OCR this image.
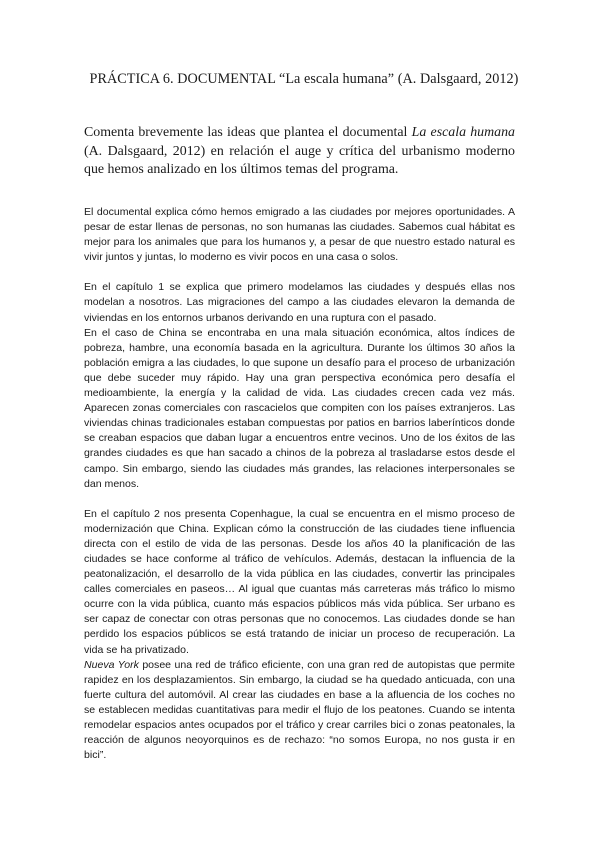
PRÁCTICA 6. DOCUMENTAL “La escala humana” (A. Dalsgaard, 2012)
Comenta brevemente las ideas que plantea el documental La escala humana (A. Dalsgaard, 2012) en relación el auge y crítica del urbanismo moderno que hemos analizado en los últimos temas del programa.

El documental explica cómo hemos emigrado a las ciudades por mejores oportunidades. A pesar de estar llenas de personas, no son humanas las ciudades. Sabemos cual hábitat es mejor para los animales que para los humanos y, a pesar de que nuestro estado natural es vivir juntos y juntas, lo moderno es vivir pocos en una casa o solos.

En el capítulo 1 se explica que primero modelamos las ciudades y después ellas nos modelan a nosotros. Las migraciones del campo a las ciudades elevaron la demanda de viviendas en los entornos urbanos derivando en una ruptura con el pasado.

En el caso de China se encontraba en una mala situación económica, altos índices de pobreza, hambre, una economía basada en la agricultura. Durante los últimos 30 años la población emigra a las ciudades, lo que supone un desafío para el proceso de urbanización que debe suceder muy rápido. Hay una gran perspectiva económica pero desafía el medioambiente, la energía y la calidad de vida. Las ciudades crecen cada vez más. Aparecen zonas comerciales con rascacielos que compiten con los países extranjeros. Las viviendas chinas tradicionales estaban compuestas por patios en barrios laberínticos donde se creaban espacios que daban lugar a encuentros entre vecinos. Uno de los éxitos de las grandes ciudades es que han sacado a chinos de la pobreza al trasladarse estos desde el campo. Sin embargo, siendo las ciudades más grandes, las relaciones interpersonales se dan menos.

En el capítulo 2 nos presenta Copenhague, la cual se encuentra en el mismo proceso de modernización que China. Explican cómo la construcción de las ciudades tiene influencia directa con el estilo de vida de las personas. Desde los años 40 la planificación de las ciudades se hace conforme al tráfico de vehículos. Además, destacan la influencia de la peatonalización, el desarrollo de la vida pública en las ciudades, convertir las principales calles comerciales en paseos… Al igual que cuantas más carreteras más tráfico lo mismo ocurre con la vida pública, cuanto más espacios públicos más vida pública. Ser urbano es ser capaz de conectar con otras personas que no conocemos. Las ciudades donde se han perdido los espacios públicos se está tratando de iniciar un proceso de recuperación. La vida se ha privatizado.

Nueva York posee una red de tráfico eficiente, con una gran red de autopistas que permite rapidez en los desplazamientos. Sin embargo, la ciudad se ha quedado anticuada, con una fuerte cultura del automóvil. Al crear las ciudades en base a la afluencia de los coches no se establecen medidas cuantitativas para medir el flujo de los peatones. Cuando se intenta remodelar espacios antes ocupados por el tráfico y crear carriles bici o zonas peatonales, la reacción de algunos neoyorquinos es de rechazo: “no somos Europa, no nos gusta ir en bici”.
